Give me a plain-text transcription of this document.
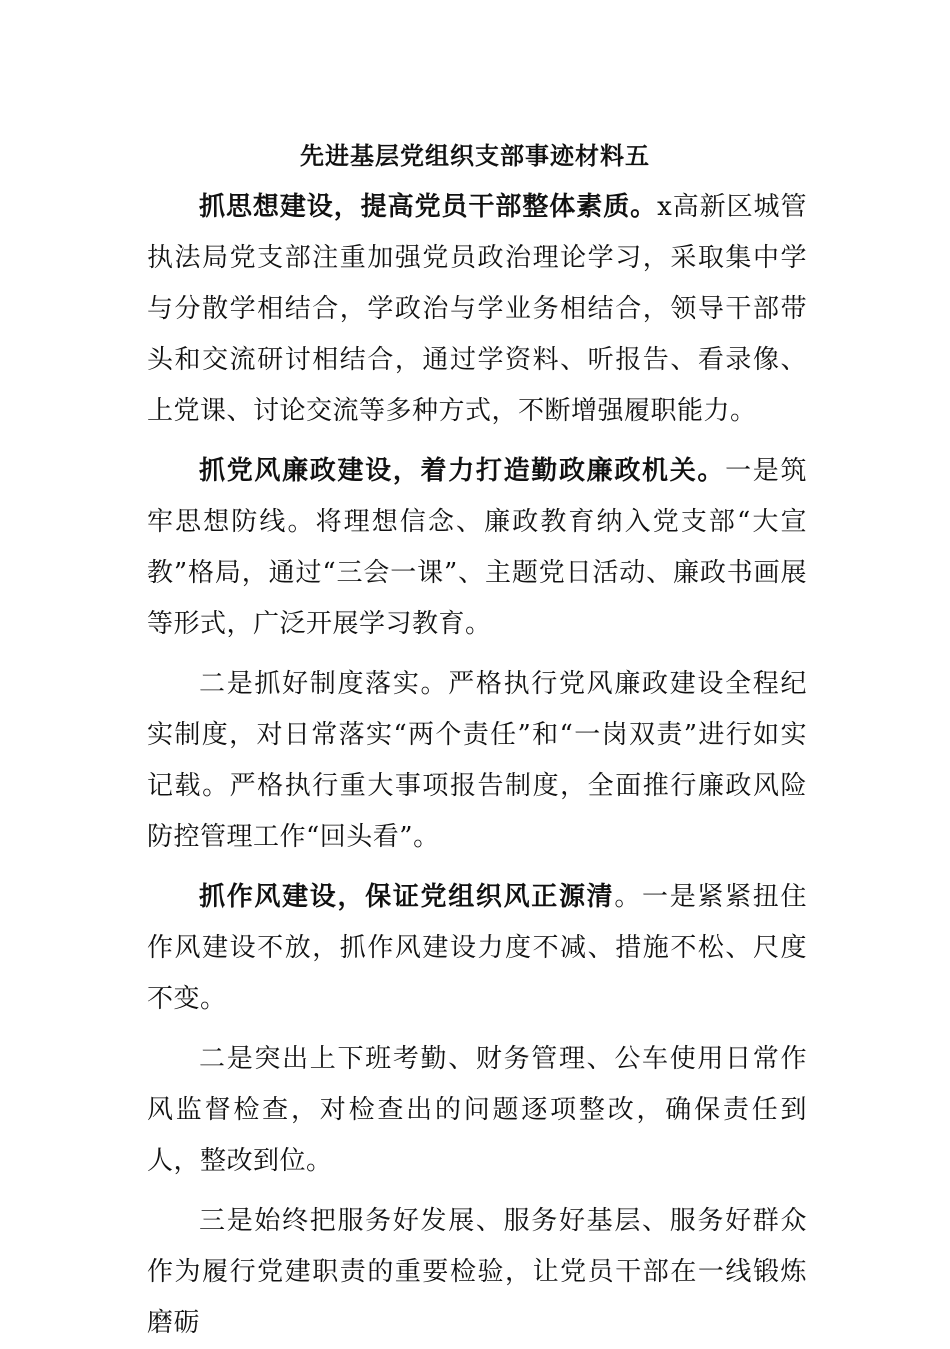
先进基层党组织支部事迹材料五

抓思想建设，提高党员干部整体素质。x高新区城管执法局党支部注重加强党员政治理论学习，采取集中学与分散学相结合，学政治与学业务相结合，领导干部带头和交流研讨相结合，通过学资料、听报告、看录像、上党课、讨论交流等多种方式，不断增强履职能力。

抓党风廉政建设，着力打造勤政廉政机关。一是筑牢思想防线。将理想信念、廉政教育纳入党支部“大宣教”格局，通过“三会一课”、主题党日活动、廉政书画展等形式，广泛开展学习教育。

二是抓好制度落实。严格执行党风廉政建设全程纪实制度，对日常落实“两个责任”和“一岗双责”进行如实记载。严格执行重大事项报告制度，全面推行廉政风险防控管理工作“回头看”。

抓作风建设，保证党组织风正源清。一是紧紧扭住作风建设不放，抓作风建设力度不减、措施不松、尺度不变。

二是突出上下班考勤、财务管理、公车使用日常作风监督检查，对检查出的问题逐项整改，确保责任到人，整改到位。

三是始终把服务好发展、服务好基层、服务好群众作为履行党建职责的重要检验，让党员干部在一线锻炼磨砺
